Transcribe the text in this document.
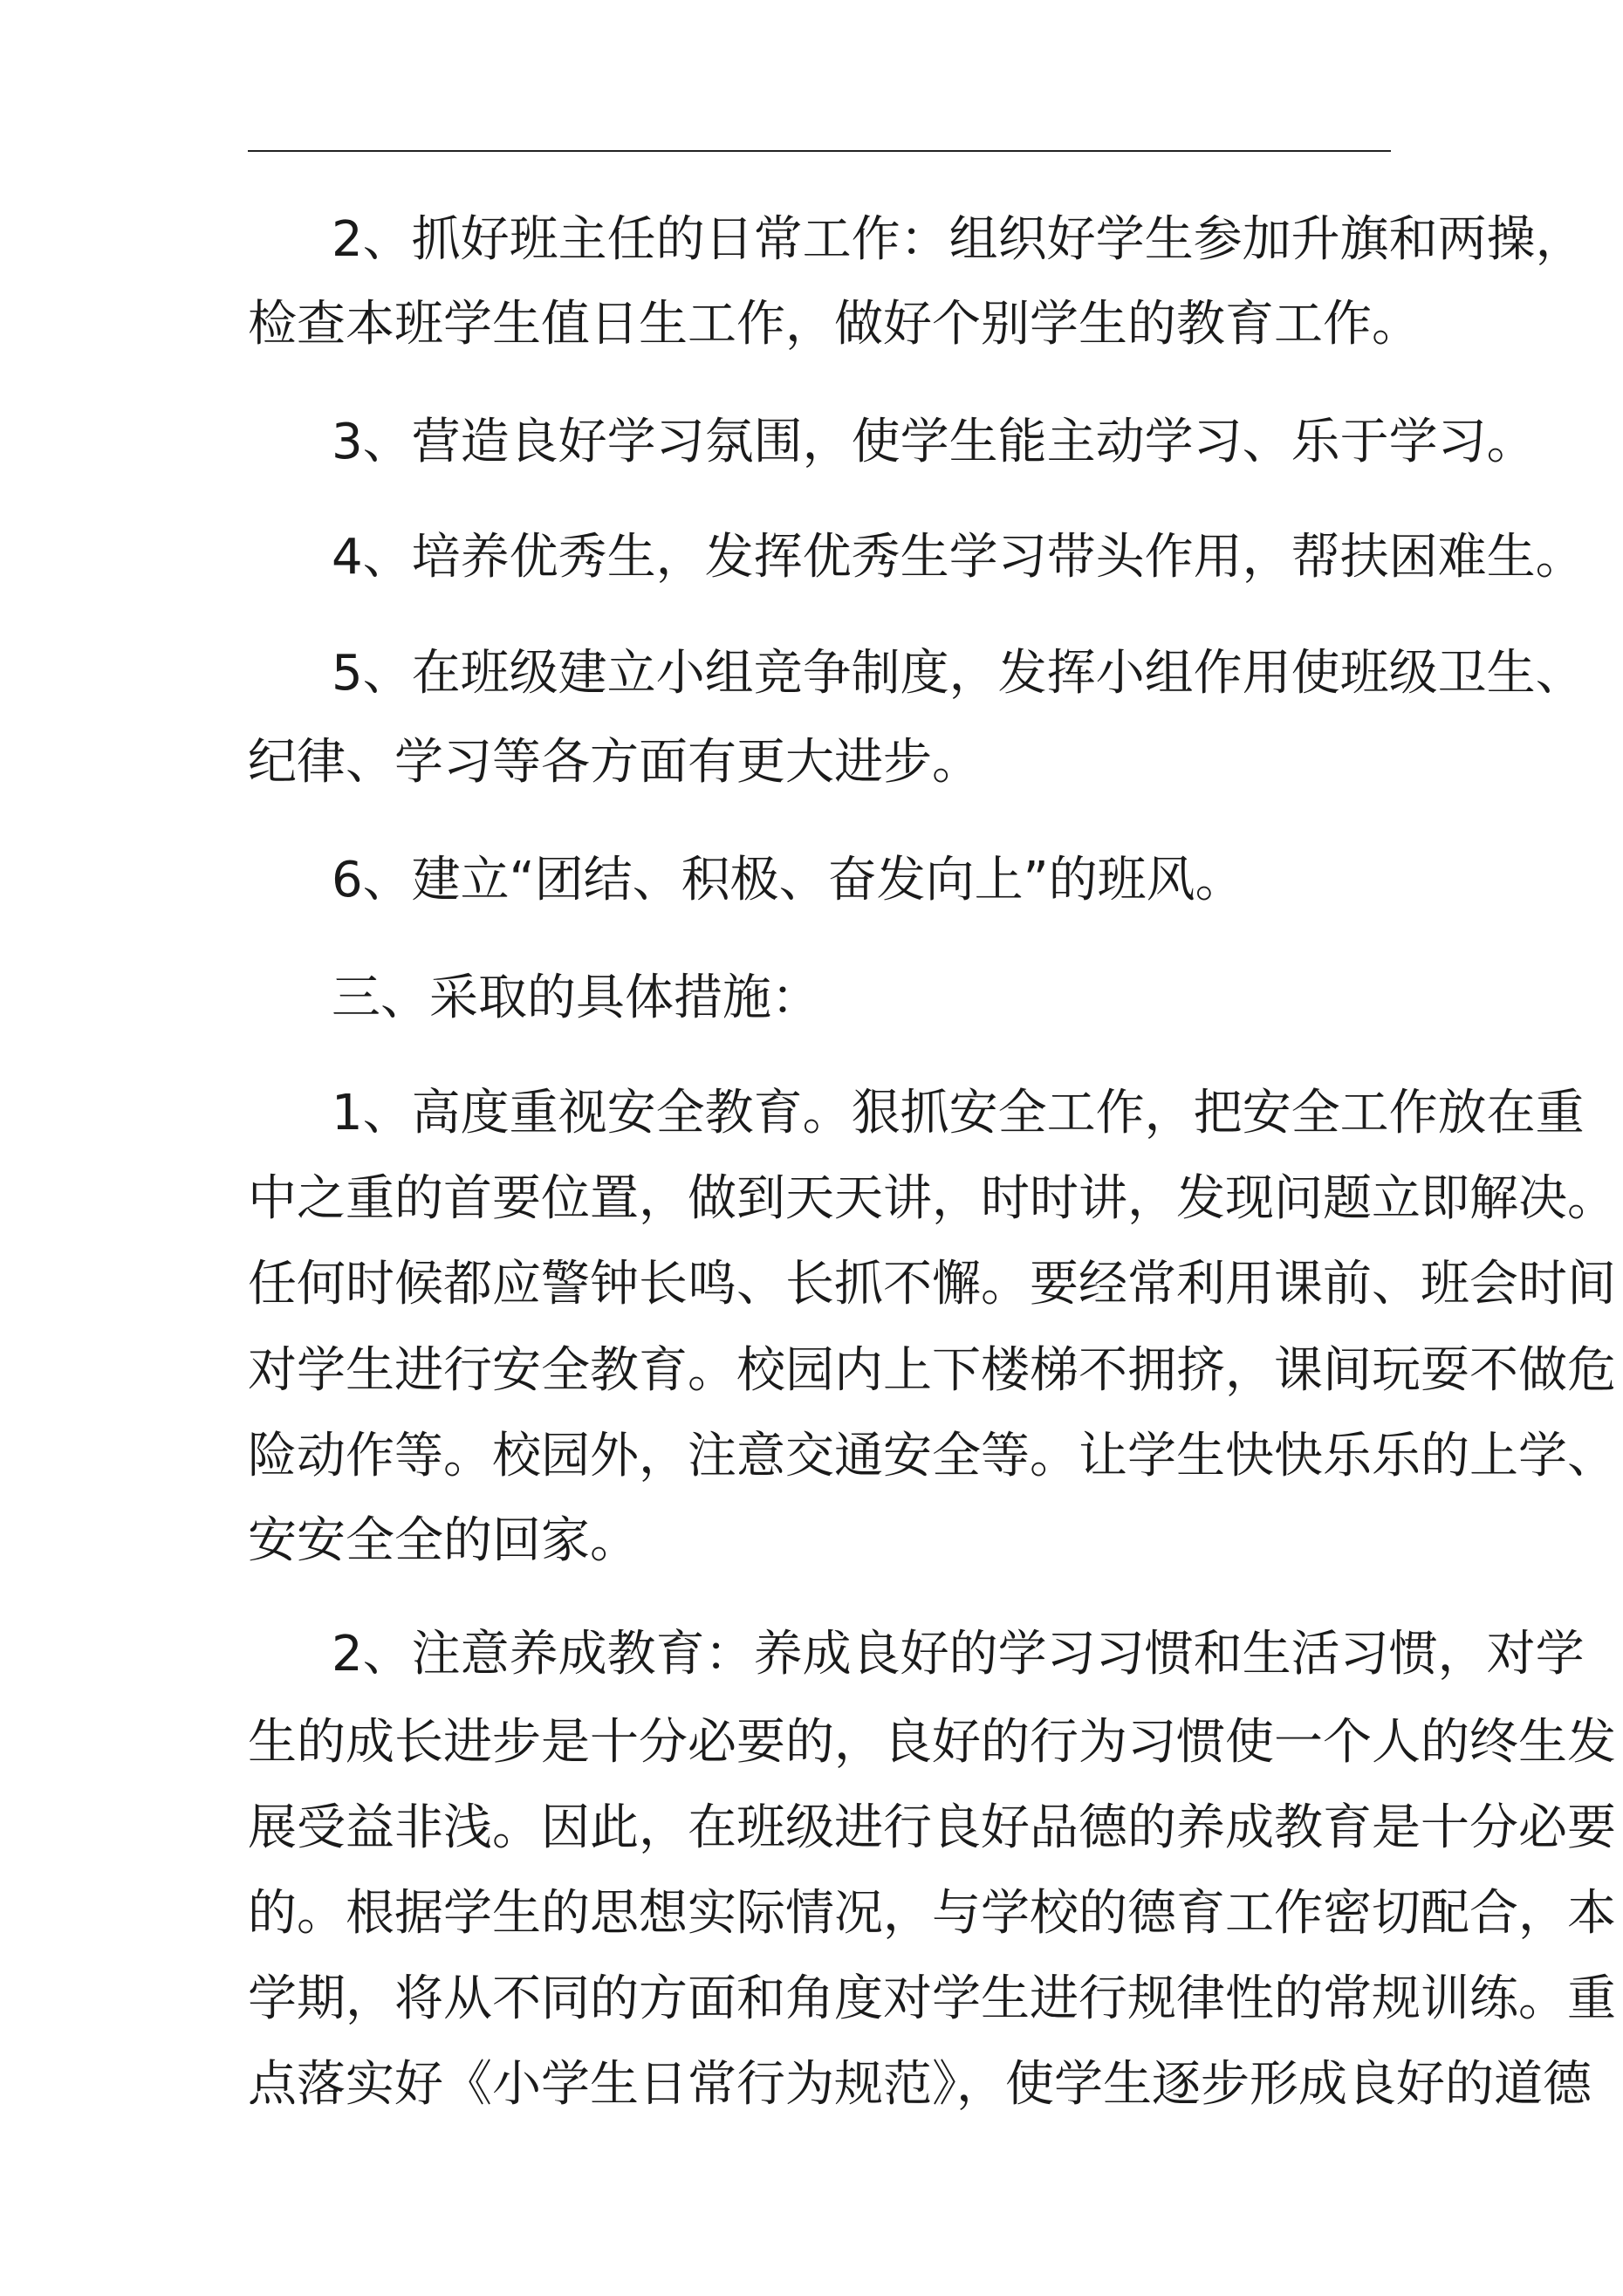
2、抓好班主任的日常工作：组织好学生参加升旗和两操，
检查本班学生值日生工作，做好个别学生的教育工作。
3、营造良好学习氛围，使学生能主动学习、乐于学习。
4、培养优秀生，发挥优秀生学习带头作用，帮扶困难生。
5、在班级建立小组竞争制度，发挥小组作用使班级卫生、
纪律、学习等各方面有更大进步。
6、建立“团结、积极、奋发向上”的班风。
三、采取的具体措施：
1、高度重视安全教育。狠抓安全工作，把安全工作放在重
中之重的首要位置，做到天天讲，时时讲，发现问题立即解决。
任何时候都应警钟长鸣、长抓不懈。要经常利用课前、班会时间
对学生进行安全教育。校园内上下楼梯不拥挤，课间玩耍不做危
险动作等。校园外，注意交通安全等。让学生快快乐乐的上学、
安安全全的回家。
2、注意养成教育：养成良好的学习习惯和生活习惯，对学
生的成长进步是十分必要的，良好的行为习惯使一个人的终生发
展受益非浅。因此，在班级进行良好品德的养成教育是十分必要
的。根据学生的思想实际情况，与学校的德育工作密切配合，本
学期，将从不同的方面和角度对学生进行规律性的常规训练。重
点落实好《小学生日常行为规范》，使学生逐步形成良好的道德
